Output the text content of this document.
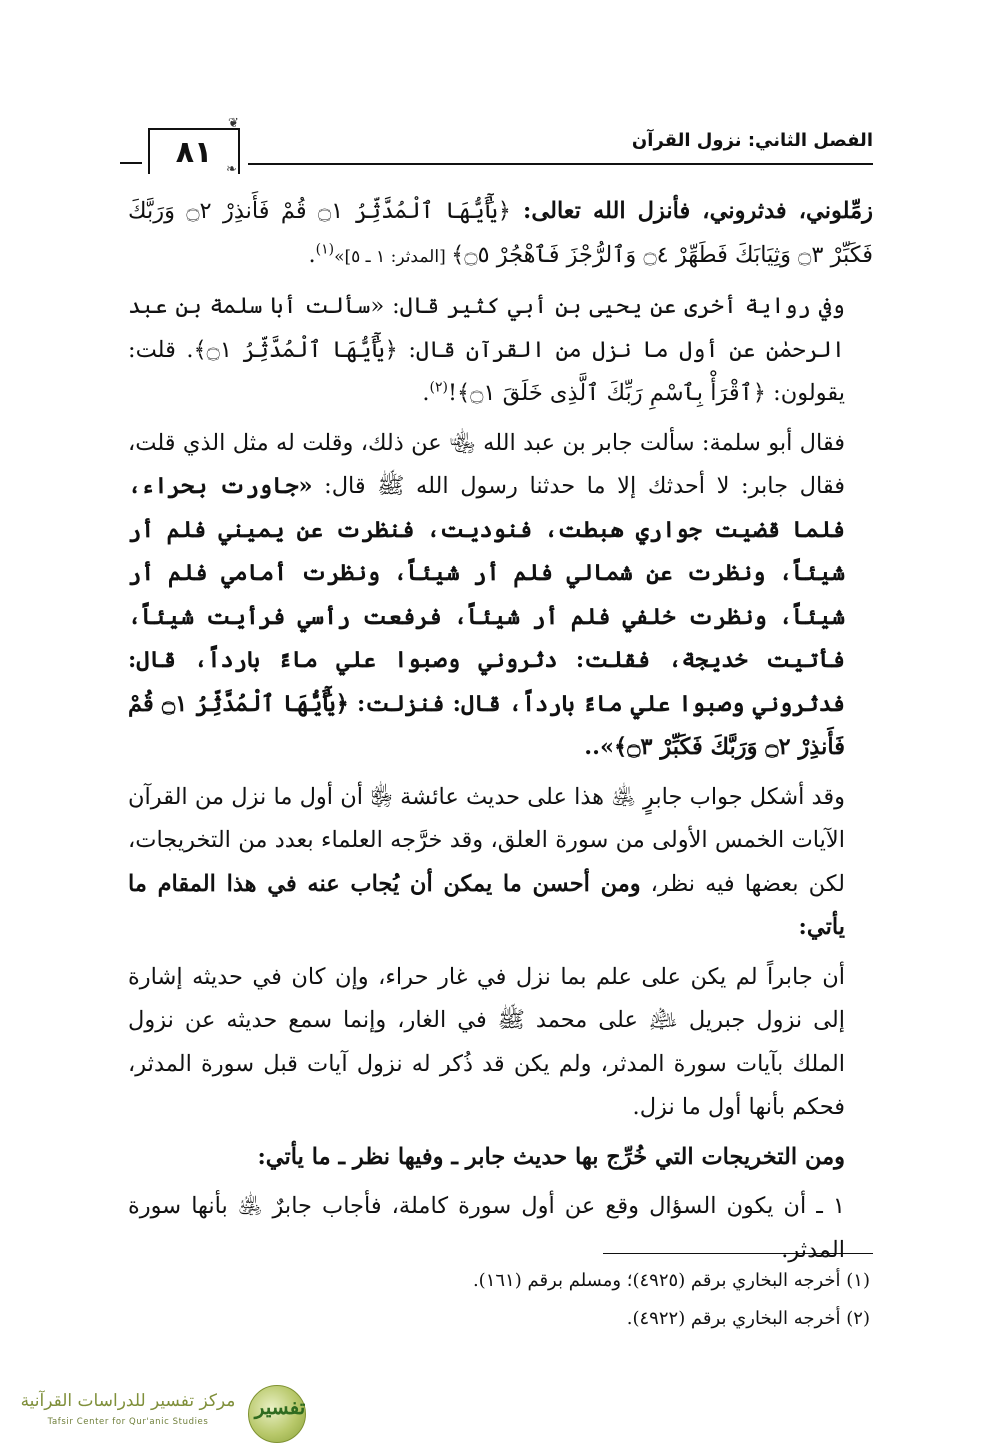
الفصل الثاني: نزول القرآن
٨١
❦
❧

زمِّلوني، فدثروني، فأنزل الله تعالى: ﴿يَٰٓأَيُّهَا ٱلْمُدَّثِّرُ ۝١ قُمْ فَأَنذِرْ ۝٢ وَرَبَّكَ فَكَبِّرْ ۝٣ وَثِيَابَكَ فَطَهِّرْ ۝٤ وَٱلرُّجْزَ فَٱهْجُرْ ۝٥﴾ [المدثر: ١ ـ ٥]»$^{(١)}$.

وفي رواية أخرى عن يحيى بن أبي كثير قال: «سألت أبا سلمة بن عبد الرحمٰن عن أول ما نزل من القرآن قال: ﴿يَٰٓأَيُّهَا ٱلْمُدَّثِّرُ ۝١﴾. قلت: يقولون: ﴿ٱقْرَأْ بِٱسْمِ رَبِّكَ ٱلَّذِى خَلَقَ ۝١﴾!$^{(٢)}$.

فقال أبو سلمة: سألت جابر بن عبد الله ﵄ عن ذلك، وقلت له مثل الذي قلت، فقال جابر: لا أحدثك إلا ما حدثنا رسول الله ﷺ قال: «جاورت بحراء، فلما قضيت جواري هبطت، فنوديت، فنظرت عن يميني فلم أر شيئاً، ونظرت عن شمالي فلم أر شيئاً، ونظرت أمامي فلم أر شيئاً، ونظرت خلفي فلم أر شيئاً، فرفعت رأسي فرأيت شيئاً، فأتيت خديجة، فقلت: دثروني وصبوا علي ماءً بارداً، قال: فدثروني وصبوا علي ماءً بارداً، قال: فنزلت: ﴿يَٰٓأَيُّهَا ٱلْمُدَّثِّرُ ۝١ قُمْ فَأَنذِرْ ۝٢ وَرَبَّكَ فَكَبِّرْ ۝٣﴾»..

وقد أشكل جواب جابرٍ ﵁ هذا على حديث عائشة ﵂ أن أول ما نزل من القرآن الآيات الخمس الأولى من سورة العلق، وقد خرَّجه العلماء بعدد من التخريجات، لكن بعضها فيه نظر، ومن أحسن ما يمكن أن يُجاب عنه في هذا المقام ما يأتي:

أن جابراً لم يكن على علم بما نزل في غار حراء، وإن كان في حديثه إشارة إلى نزول جبريل ﵇ على محمد ﷺ في الغار، وإنما سمع حديثه عن نزول الملك بآيات سورة المدثر، ولم يكن قد ذُكر له نزول آيات قبل سورة المدثر، فحكم بأنها أول ما نزل.

ومن التخريجات التي خُرِّج بها حديث جابر ـ وفيها نظر ـ ما يأتي:

١ ـ أن يكون السؤال وقع عن أول سورة كاملة، فأجاب جابرٌ ﵁ بأنها سورة المدثر.

(١) أخرجه البخاري برقم (٤٩٢٥)؛ ومسلم برقم (١٦١).
(٢) أخرجه البخاري برقم (٤٩٢٢).
تفسير
مركز تفسير للدراسات القرآنية
Tafsir Center for Qur'anic Studies
